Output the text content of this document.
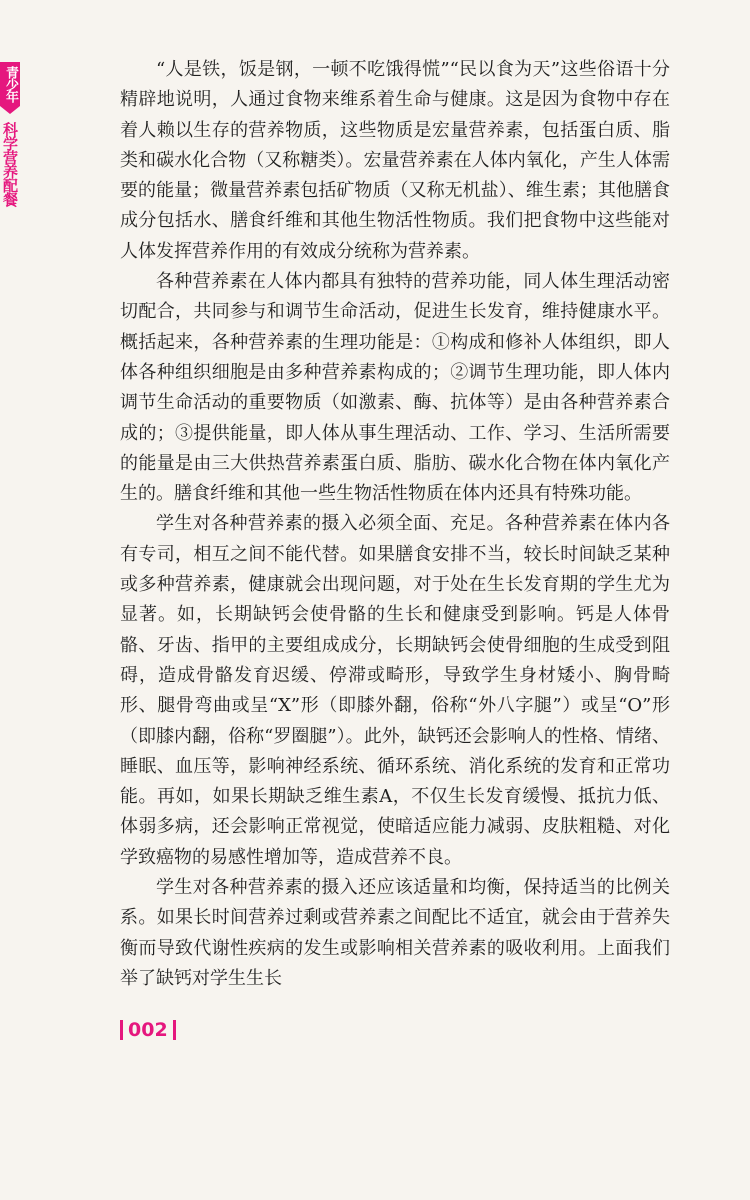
青少年
科学营养配餐

“人是铁，饭是钢，一顿不吃饿得慌”“民以食为天”这些俗语十分精辟地说明，人通过食物来维系着生命与健康。这是因为食物中存在着人赖以生存的营养物质，这些物质是宏量营养素，包括蛋白质、脂类和碳水化合物（又称糖类）。宏量营养素在人体内氧化，产生人体需要的能量；微量营养素包括矿物质（又称无机盐）、维生素；其他膳食成分包括水、膳食纤维和其他生物活性物质。我们把食物中这些能对人体发挥营养作用的有效成分统称为营养素。

各种营养素在人体内都具有独特的营养功能，同人体生理活动密切配合，共同参与和调节生命活动，促进生长发育，维持健康水平。概括起来，各种营养素的生理功能是：①构成和修补人体组织，即人体各种组织细胞是由多种营养素构成的；②调节生理功能，即人体内调节生命活动的重要物质（如激素、酶、抗体等）是由各种营养素合成的；③提供能量，即人体从事生理活动、工作、学习、生活所需要的能量是由三大供热营养素蛋白质、脂肪、碳水化合物在体内氧化产生的。膳食纤维和其他一些生物活性物质在体内还具有特殊功能。

学生对各种营养素的摄入必须全面、充足。各种营养素在体内各有专司，相互之间不能代替。如果膳食安排不当，较长时间缺乏某种或多种营养素，健康就会出现问题，对于处在生长发育期的学生尤为显著。如，长期缺钙会使骨骼的生长和健康受到影响。钙是人体骨骼、牙齿、指甲的主要组成成分，长期缺钙会使骨细胞的生成受到阻碍，造成骨骼发育迟缓、停滞或畸形，导致学生身材矮小、胸骨畸形、腿骨弯曲或呈“X”形（即膝外翻，俗称“外八字腿”）或呈“O”形（即膝内翻，俗称“罗圈腿”）。此外，缺钙还会影响人的性格、情绪、睡眠、血压等，影响神经系统、循环系统、消化系统的发育和正常功能。再如，如果长期缺乏维生素A，不仅生长发育缓慢、抵抗力低、体弱多病，还会影响正常视觉，使暗适应能力减弱、皮肤粗糙、对化学致癌物的易感性增加等，造成营养不良。

学生对各种营养素的摄入还应该适量和均衡，保持适当的比例关系。如果长时间营养过剩或营养素之间配比不适宜，就会由于营养失衡而导致代谢性疾病的发生或影响相关营养素的吸收利用。上面我们举了缺钙对学生生长

002
